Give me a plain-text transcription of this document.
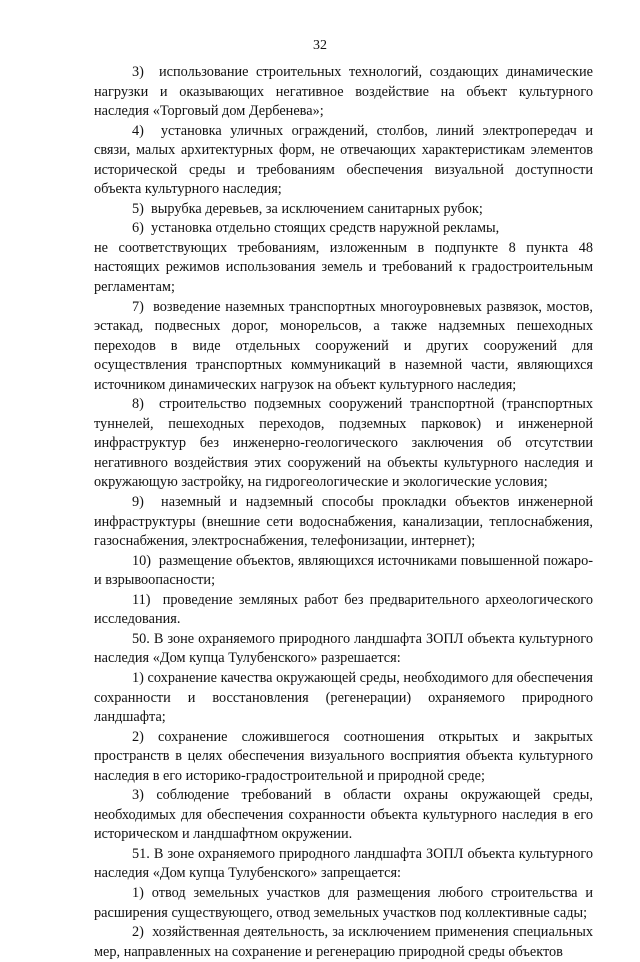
32

3)  использование строительных технологий, создающих динамические нагрузки и оказывающих негативное воздействие на объект культурного наследия «Торговый дом Дербенева»;

4)  установка уличных ограждений, столбов, линий электропередач и связи, малых архитектурных форм, не отвечающих характеристикам элементов исторической среды и требованиям обеспечения визуальной доступности объекта культурного наследия;

5)  вырубка деревьев, за исключением санитарных рубок;

6)  установка отдельно стоящих средств наружной рекламы,

не соответствующих требованиям, изложенным в подпункте 8 пункта 48 настоящих режимов использования земель и требований к градостроительным регламентам;

7)  возведение наземных транспортных многоуровневых развязок, мостов, эстакад, подвесных дорог, монорельсов, а также надземных пешеходных переходов в виде отдельных сооружений и других сооружений для осуществления транспортных коммуникаций в наземной части, являющихся источником динамических нагрузок на объект культурного наследия;

8)  строительство подземных сооружений транспортной (транспортных туннелей, пешеходных переходов, подземных парковок) и инженерной инфраструктур без инженерно-геологического заключения об отсутствии негативного воздействия этих сооружений на объекты культурного наследия и окружающую застройку, на гидрогеологические и экологические условия;

9)  наземный и надземный способы прокладки объектов инженерной инфраструктуры (внешние сети водоснабжения, канализации, теплоснабжения, газоснабжения, электроснабжения, телефонизации, интернет);

10)  размещение объектов, являющихся источниками повышенной пожаро- и взрывоопасности;

11)  проведение земляных работ без предварительного археологического исследования.

50. В зоне охраняемого природного ландшафта ЗОПЛ объекта культурного наследия «Дом купца Тулубенского» разрешается:

1) сохранение качества окружающей среды, необходимого для обеспечения сохранности и восстановления (регенерации) охраняемого природного ландшафта;

2) сохранение сложившегося соотношения открытых и закрытых пространств в целях обеспечения визуального восприятия объекта культурного наследия в его историко-градостроительной и природной среде;

3) соблюдение требований в области охраны окружающей среды, необходимых для обеспечения сохранности объекта культурного наследия в его историческом и ландшафтном окружении.

51. В зоне охраняемого природного ландшафта ЗОПЛ объекта культурного наследия «Дом купца Тулубенского» запрещается:

1) отвод земельных участков для размещения любого строительства и расширения существующего, отвод земельных участков под коллективные сады;

2)  хозяйственная деятельность, за исключением применения специальных мер, направленных на сохранение и регенерацию природной среды объектов
